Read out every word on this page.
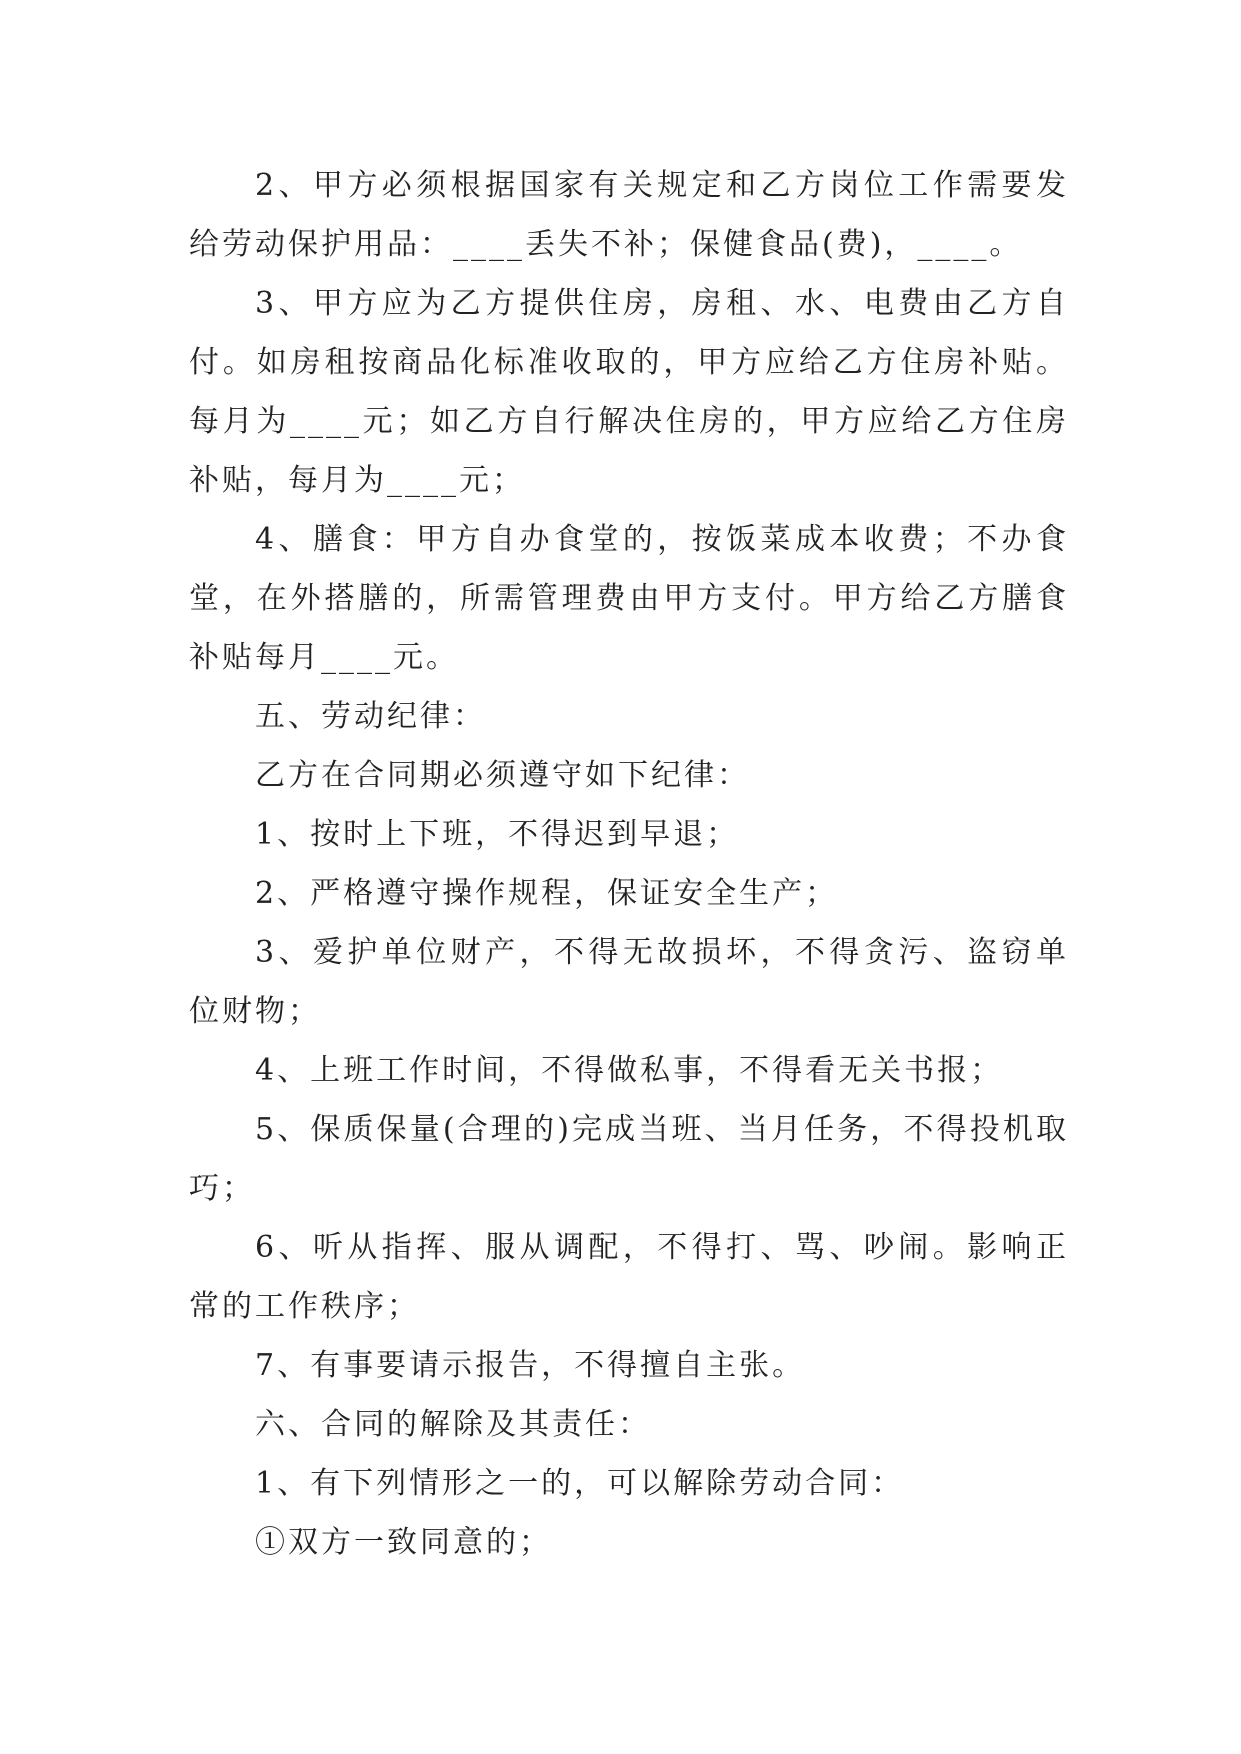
2、甲方必须根据国家有关规定和乙方岗位工作需要发给劳动保护用品：____丢失不补；保健食品(费)，____。

3、甲方应为乙方提供住房，房租、水、电费由乙方自付。如房租按商品化标准收取的，甲方应给乙方住房补贴。每月为____元；如乙方自行解决住房的，甲方应给乙方住房补贴，每月为____元；

4、膳食：甲方自办食堂的，按饭菜成本收费；不办食堂，在外搭膳的，所需管理费由甲方支付。甲方给乙方膳食补贴每月____元。

五、劳动纪律：

乙方在合同期必须遵守如下纪律：

1、按时上下班，不得迟到早退；

2、严格遵守操作规程，保证安全生产；

3、爱护单位财产，不得无故损坏，不得贪污、盗窃单位财物；

4、上班工作时间，不得做私事，不得看无关书报；

5、保质保量(合理的)完成当班、当月任务，不得投机取巧；

6、听从指挥、服从调配，不得打、骂、吵闹。影响正常的工作秩序；

7、有事要请示报告，不得擅自主张。

六、合同的解除及其责任：

1、有下列情形之一的，可以解除劳动合同：

①双方一致同意的；
